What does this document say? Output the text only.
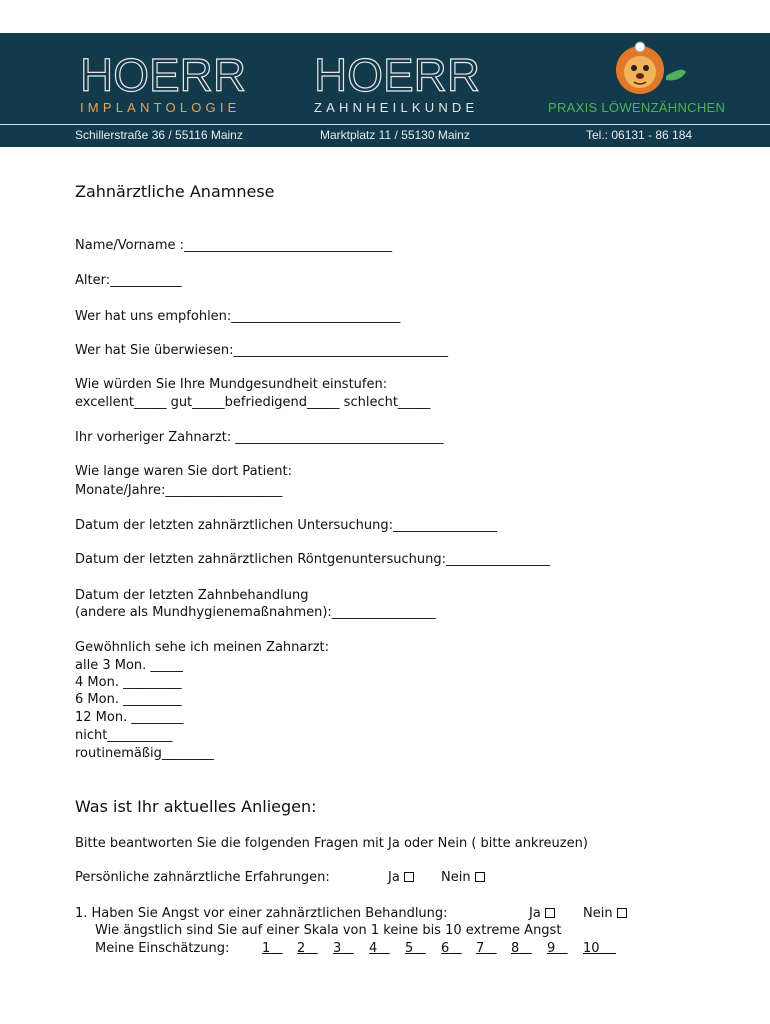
HOERR
IMPLANTOLOGIE
HOERR
ZAHNHEILKUNDE	PRAXIS LÖWENZÄHNCHEN
Schillerstraße 36 / 55116 Mainz	Marktplatz 11 / 55130 Mainz	Tel.: 06131 - 86 184
Zahnärztliche Anamnese
Name/Vorname :________________________________
Alter:___________
Wer hat uns empfohlen:__________________________
Wer hat Sie überwiesen:_________________________________
Wie würden Sie Ihre Mundgesundheit einstufen:
excellent_____ gut_____befriedigend_____ schlecht_____
Ihr vorheriger Zahnarzt: ________________________________
Wie lange waren Sie dort Patient:
Monate/Jahre:__________________
Datum der letzten zahnärztlichen Untersuchung:________________
Datum der letzten zahnärztlichen Röntgenuntersuchung:________________
Datum der letzten Zahnbehandlung
(andere als Mundhygienemaßnahmen):________________
Gewöhnlich sehe ich meinen Zahnarzt:
alle 3 Mon. _____
4 Mon. _________
6 Mon. _________
12 Mon. ________
nicht__________
routinemäßig________
Was ist Ihr aktuelles Anliegen:
Bitte beantworten Sie die folgenden Fragen mit Ja oder Nein ( bitte ankreuzen)
Persönliche zahnärztliche Erfahrungen:	Ja	Nein
1. Haben Sie Angst vor einer zahnärztlichen Behandlung:	Ja	Nein
Wie ängstlich sind Sie auf einer Skala von 1 keine bis 10 extreme Angst
Meine Einschätzung:	1	2	3	4	5	6	7	8	9	10
